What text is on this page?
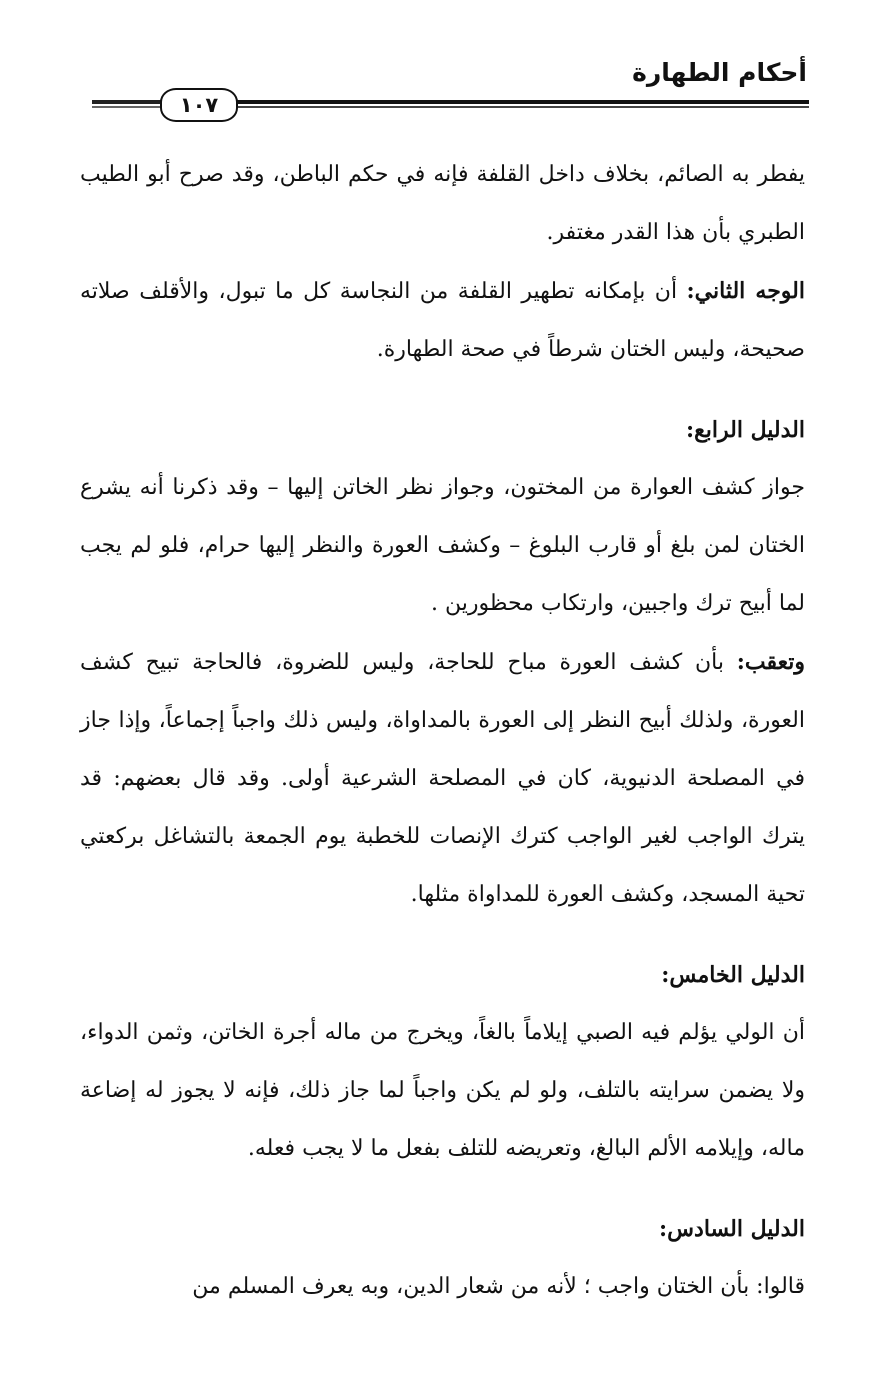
أحكام الطهارة
١٠٧

يفطر به الصائم، بخلاف داخل القلفة فإنه في حكم الباطن، وقد صرح أبو الطيب الطبري بأن هذا القدر مغتفر.

الوجه الثاني: أن بإمكانه تطهير القلفة من النجاسة كل ما تبول، والأقلف صلاته صحيحة، وليس الختان شرطاً في صحة الطهارة.

الدليل الرابع:

جواز كشف العوارة من المختون، وجواز نظر الخاتن إليها – وقد ذكرنا أنه يشرع الختان لمن بلغ أو قارب البلوغ – وكشف العورة والنظر إليها حرام، فلو لم يجب لما أبيح ترك واجبين، وارتكاب محظورين .

وتعقب: بأن كشف العورة مباح للحاجة، وليس للضروة، فالحاجة تبيح كشف العورة، ولذلك أبيح النظر إلى العورة بالمداواة، وليس ذلك واجباً إجماعاً، وإذا جاز في المصلحة الدنيوية، كان في المصلحة الشرعية أولى. وقد قال بعضهم: قد يترك الواجب لغير الواجب كترك الإنصات للخطبة يوم الجمعة بالتشاغل بركعتي تحية المسجد، وكشف العورة للمداواة مثلها.

الدليل الخامس:

أن الولي يؤلم فيه الصبي إيلاماً بالغاً، ويخرج من ماله أجرة الخاتن، وثمن الدواء، ولا يضمن سرايته بالتلف، ولو لم يكن واجباً لما جاز ذلك، فإنه لا يجوز له إضاعة ماله، وإيلامه الألم البالغ، وتعريضه للتلف بفعل ما لا يجب فعله.

الدليل السادس:

قالوا: بأن الختان واجب ؛ لأنه من شعار الدين، وبه يعرف المسلم من
